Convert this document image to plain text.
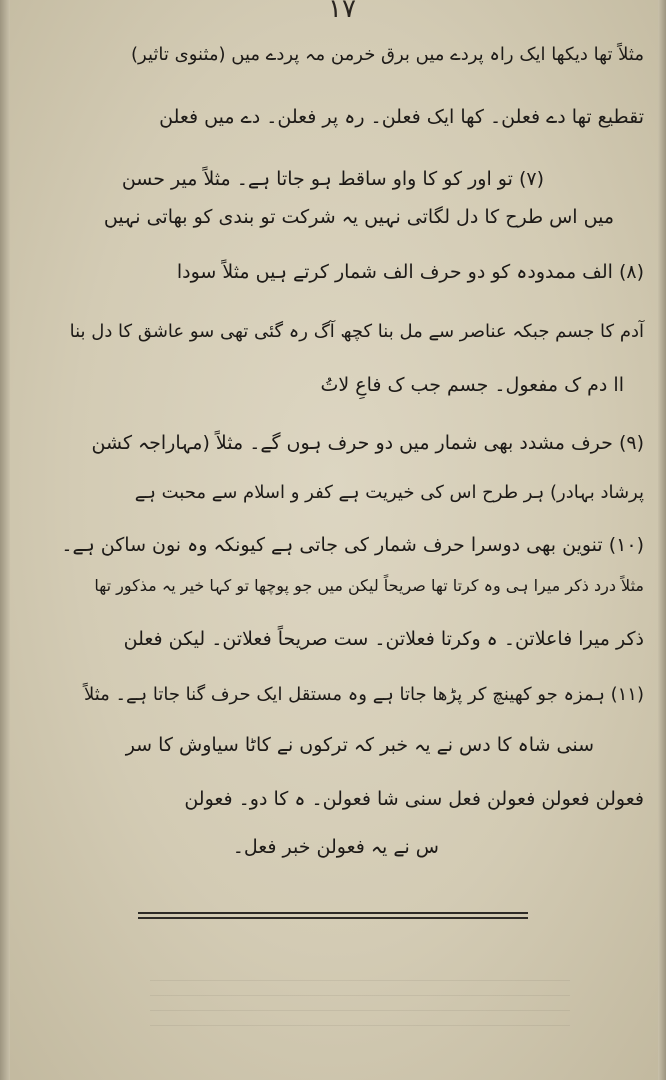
۱۷
مثلاً تھا دیکھا ایک راہ پردے میں برق خرمن مہ پردے میں (مثنوی تاثیر)
تقطیع تھا دے فعلن۔ کھا ایک فعلن۔ رہ پر فعلن۔ دے میں فعلن
(۷) تو اور کو کا واو ساقط ہو جاتا ہے۔ مثلاً میر حسن
میں اس طرح کا دل لگاتی نہیں یہ شرکت تو بندی کو بھاتی نہیں
(۸) الف ممدودہ کو دو حرف الف شمار کرتے ہیں مثلاً سودا
آدم کا جسم جبکہ عناصر سے مل بنا کچھ آگ رہ گئی تھی سو عاشق کا دل بنا
اا دم ک مفعول۔ جسم جب ک فاعِ لاتُ
(۹) حرف مشدد بھی شمار میں دو حرف ہوں گے۔ مثلاً (مہاراجہ کشن
پرشاد بہادر) ہر طرح اس کی خیریت ہے کفر و اسلام سے محبت ہے
(۱۰) تنوین بھی دوسرا حرف شمار کی جاتی ہے کیونکہ وہ نون ساکن ہے۔
مثلاً درد ذکر میرا ہی وہ کرتا تھا صریحاً لیکن میں جو پوچھا تو کہا خیر یہ مذکور تھا
ذکر میرا فاعلاتن۔ ہ وکرتا فعلاتن۔ ست صریحاً فعلاتن۔ لیکن فعلن
(۱۱) ہمزہ جو کھینچ کر پڑھا جاتا ہے وہ مستقل ایک حرف گنا جاتا ہے۔ مثلاً
سنی شاہ کا دس نے یہ خبر کہ ترکوں نے کاٹا سیاوش کا سر
فعولن فعولن فعولن فعل سنی شا فعولن۔ ہ کا دو۔ فعولن
س نے یہ فعولن خبر فعل۔
